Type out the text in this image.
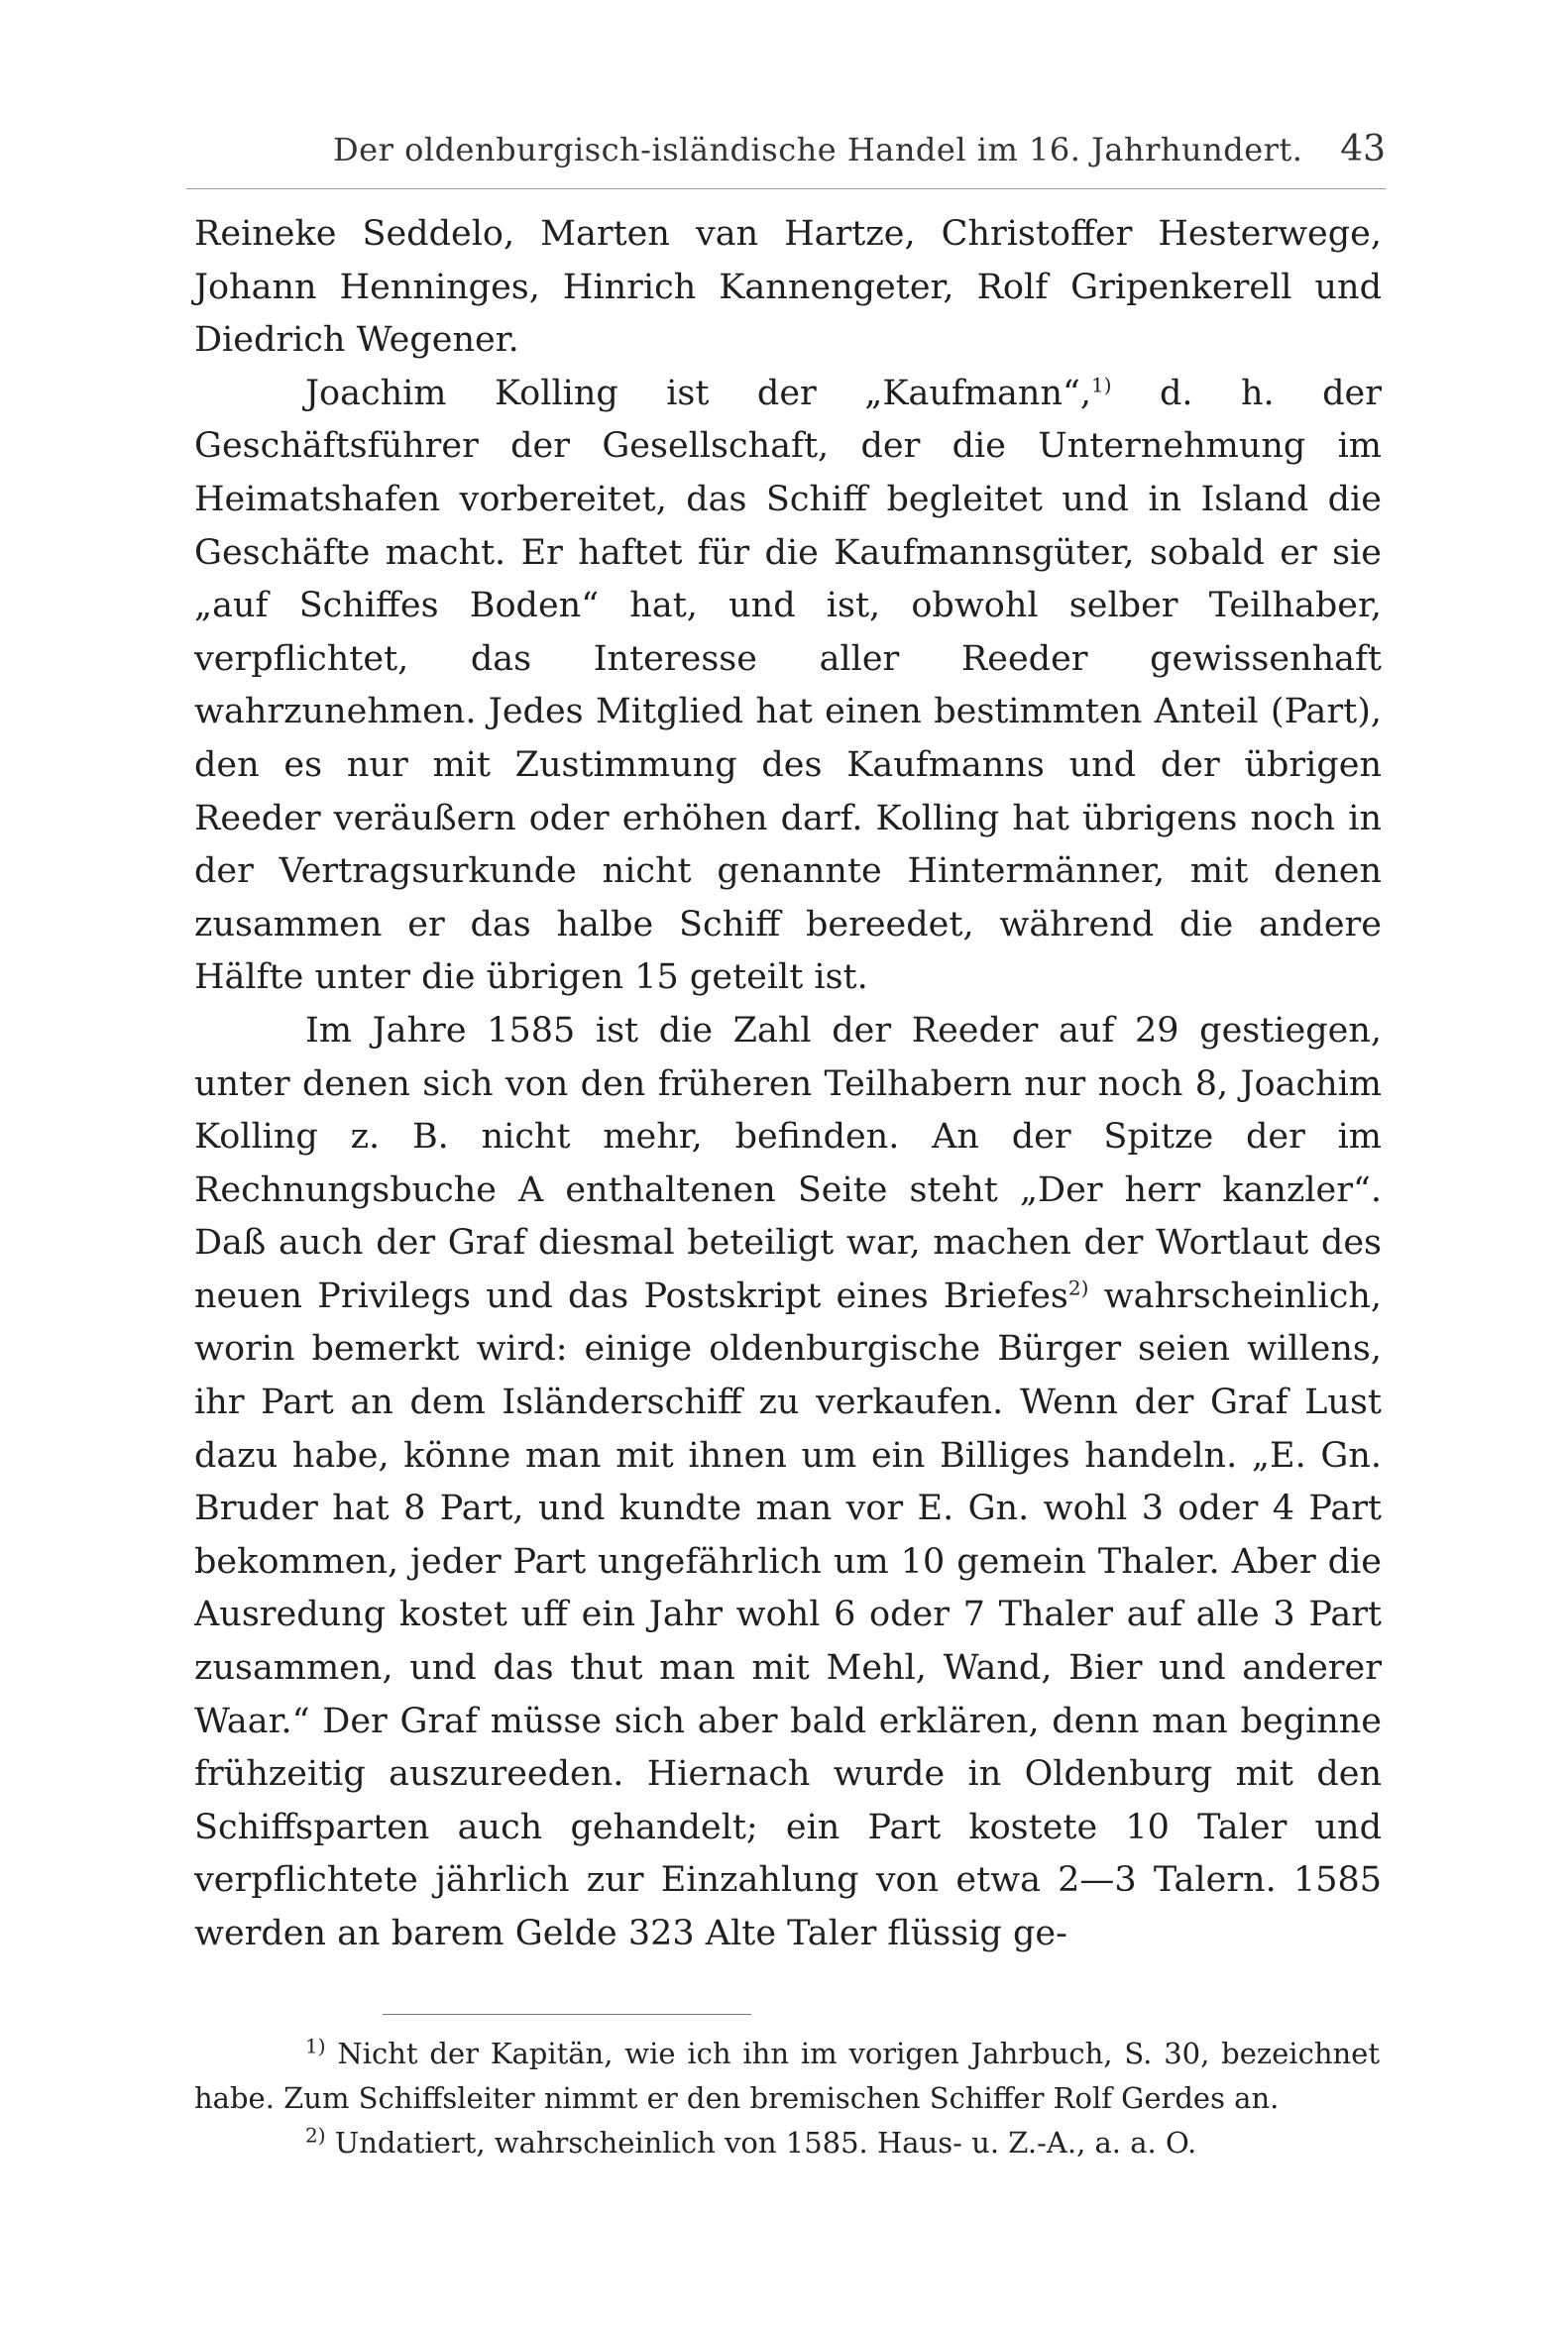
Der oldenburgisch-isländische Handel im 16. Jahrhundert. 43

Reineke Seddelo, Marten van Hartze, Christoffer Hesterwege, Johann Henninges, Hinrich Kannengeter, Rolf Gripenkerell und Diedrich Wegener.

Joachim Kolling ist der „Kaufmann“,$^{1)}$ d. h. der Geschäftsführer der Gesellschaft, der die Unternehmung im Heimatshafen vorbereitet, das Schiff begleitet und in Island die Geschäfte macht. Er haftet für die Kaufmannsgüter, sobald er sie „auf Schiffes Boden“ hat, und ist, obwohl selber Teilhaber, verpflichtet, das Interesse aller Reeder gewissenhaft wahrzunehmen. Jedes Mitglied hat einen bestimmten Anteil (Part), den es nur mit Zustimmung des Kaufmanns und der übrigen Reeder veräußern oder erhöhen darf. Kolling hat übrigens noch in der Vertragsurkunde nicht genannte Hintermänner, mit denen zusammen er das halbe Schiff bereedet, während die andere Hälfte unter die übrigen 15 geteilt ist.

Im Jahre 1585 ist die Zahl der Reeder auf 29 gestiegen, unter denen sich von den früheren Teilhabern nur noch 8, Joachim Kolling z. B. nicht mehr, befinden. An der Spitze der im Rechnungsbuche A enthaltenen Seite steht „Der herr kanzler“. Daß auch der Graf diesmal beteiligt war, machen der Wortlaut des neuen Privilegs und das Postskript eines Briefes$^{2)}$ wahrscheinlich, worin bemerkt wird: einige oldenburgische Bürger seien willens, ihr Part an dem Isländerschiff zu verkaufen. Wenn der Graf Lust dazu habe, könne man mit ihnen um ein Billiges handeln. „E. Gn. Bruder hat 8 Part, und kundte man vor E. Gn. wohl 3 oder 4 Part bekommen, jeder Part ungefährlich um 10 gemein Thaler. Aber die Ausredung kostet uff ein Jahr wohl 6 oder 7 Thaler auf alle 3 Part zusammen, und das thut man mit Mehl, Wand, Bier und anderer Waar.“ Der Graf müsse sich aber bald erklären, denn man beginne frühzeitig auszureeden. Hiernach wurde in Oldenburg mit den Schiffsparten auch gehandelt; ein Part kostete 10 Taler und verpflichtete jährlich zur Einzahlung von etwa 2—3 Talern. 1585 werden an barem Gelde 323 Alte Taler flüssig ge-

$^{1)}$ Nicht der Kapitän, wie ich ihn im vorigen Jahrbuch, S. 30, bezeichnet habe. Zum Schiffsleiter nimmt er den bremischen Schiffer Rolf Gerdes an.

$^{2)}$ Undatiert, wahrscheinlich von 1585. Haus- u. Z.-A., a. a. O.
